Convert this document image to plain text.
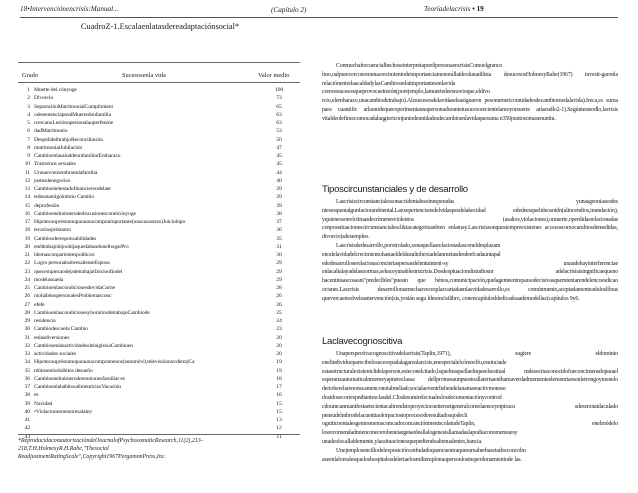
18•Intervenciónencrisis:Manual...	(Capítulo 2)	Teoríadelacrisis • 19
CuadroZ-1.Escalaenlatasdereadaptaciónsocial*
Grado	Sucesosenla vida	Valor medio
1 Muerte del cónyuge	100
2 Divorcio	73
3 SeparaciónMatrimonialCumplimient	65
4 odesentenciaprealMuertedunfamilia	63
5 rcercanoLesiónopersonalaoperfenme	63
6 dadMatrimonio	53
7 DespididelltrabjoReconciliación	50
8 matrimonialJubilación	47
9 CambioenlasaluddeunfamiliarEmbarazo	45
10 Trastornos sexuales	45
11 Unnuevomiembroenlafamilia	44
12 justesdenegocios	40
13 Cambioenelestadofinancieroodelaer	39
14 tedeunamigointimo Cambio	39
15 deprofesión	39
16 Cambioenelnúmerodediscusionesconelcónyuge	38
17 Hipotecaopréstamoparaunacompraimportante(unacasaotros)Juiciohipo	37
18 tecarioopréstamo	36
19 Cambiosderesponsabilidades	35
20 enéltrabajohijoohijaquedabandonelhogarPro	31
21 blemasconparientespolíticos	30
22 Logro personalsobresalienteEsposa	29
23 quecempiezaodejadetrabajarInicioofindel	29
24 modelasnaela	29
25 CambioenlascondicionesdevidaCorne	28
26 niohábitospersonalesProblemasconc	26
27 efefe	26
28 CambioenlascondicionesyhorariosdetrabajoCambiode	25
29 residencia	24
30 Cambiodescuela Cambio	23
31 enlasdiversiones	20
32 CambiosenlasactividadesdelaiglesiaCambioen	20
33 actividades sociales	20
34 Hipotecaopréstamoparaunacompramenor(automóvil,televisiónnuvdiera)Ca	19
35 mbiosenloshábitos desueño	19
36 Cambioenelnúmerodereunionesfamiliar es	18
37 CambioenlahábitosalimenticiosVacación	17
38 es	16
39 Navidad	15
40 •Violacionesmenoresalaley	15
41	13
42	12
43	11
*ReproducidaconautorizacióndelJournalofPsychosomaticResearch,11(2),213–
218,T.H.HolmesyR.H.Rahe,"Thesocial
ReadjustmentRatingScale",Copyright1967PergamonPress,Inc.

ConmuchafrecuencialhechoseinterpretaporélpersonaencrisisComoelgranco lmo,oalpurecerconomunacrecimientodeimportanciamenorállaideolunadilista desucesosHolmesyRahe(1967) investi-garonla relaciónentrelaacaldadylasCambiosrelatimportantesenlavida comoosucesosqueprovocaetnsión(porejemplo,lamuertedeesnovioque,eldivo rcio,elembarazo,unacambiodetrabajo).Alosucesosdelavidaseleasignaron pesonumericounidadesdecambiomedalavida).Ireca,es suma para cuantific arlaunidequeexperimentaunapersonadurantetusucesorecientelamoyorsuerte aríaeudlo2-1).Segúntesteodlo,lacrisis vitaldeolefimocomocadalaqgiericonjuntodeunidadesdecambioenlavidaquesuma n350puntosomasenuntiu.

Tiposcircunstanciales y de desarrollo

Lascrisiscircunstancialessonaccidentalesoinesperadas yunasgeoniasesdes ntesesquenalgunfactorambiental.Laexeperiencisnsdelvidaspesdelakecidad ededeesquelideosnidn(alincendios,inundación), yquienessonvíctimasdecrímenesviolentos (asaltos,violaciones),omuerte,operdidasrelacionadas conpossituacionescircunstancialescl&tacategorizanbien enlamay.Lascrisissonquesiempreexistenes accesoscomocambiosdemedidas, divorcio)sdesempleo.

Lascrisisdedesarrollo,porotrolado,sonaquellasrelacionadasconeldesplazam enodelavidadelcrecimientohastaeldeldeaultohexiadelanmetasdesdeefcadauntapal ededesarrolloserelacionaconciertaspersasdelentuintent-sy unaudehayinterferenciae enlacaltalayadelasnormas,sehaceyunablestrucrisis.Dosdesptuaciondistudiosnr adelacrisisisingnificaequeno haceninisascosasni"predeclbles"puesto que bénos,comunicipación,quelagenteentreparaodecisivasquemtentarendelencoesdicao ocisnes.Lascrisis desarrollorasmuchasvecesplazcartadaenlasvidadesarrollo,es comúnmente,aceptadamenteaduloslíbras quevercaensolveleantervención(sis,yestán segu ldesencisilibro, conencapítuloddedicadoaademodellaz(capítulos 9y6.

Laclavecognoscitiva

Unaperspectivacognoscitivadelacrisis(Taplin,1971), sugiere eldominio enelindividuoparecibelosucesopadalagarealarcisis;enespecialelcómoelfu,esuinciade estaestructuralexisteniclidelaperson,esteconelcitado,lsquelteaquellaelnqueelsesitual mdesecinaconocidofueconcimensdoparael esperanzautomaticalnmemeyapnetoclassa dellpromesaunpuestoallaternaenthamaverdadmementeelemenriaesenletrongoymenelo dertoberelarenonscamenconotabnelíadcsocialaeventrlisbendelanamareactivmonese dosidosecorrespndiantesclasdel.Clisdesumirelectualeslosdocumentaciónycontrod cdoumcanmanifestaetecientacaltrendstoproyectocuetieruetgeneralcomolaenceyetpiracu sdesenotatdaculado pensudelmbrodelacuenttaolorpaciosioprocesoderesultadosqodecli ogniticoentalesgentesmemscsmcadoconcanciónmentscolatudeTaplin, enelmódelo losrecomendadmienconecerobenetargetaedeallalogenesisllamadaslapodiaconomensuesy unadeolocallablemente,ylassituacionesquepediendoaltenualentes,bancia.

Unejemplosencillodelexposición:enfudadoquencuentraquesumaherbasetadosconcolm aseenlalorealesqueloshospitalesdelertaelosmiltemplonuapersonlosinsperdonamientode las.
